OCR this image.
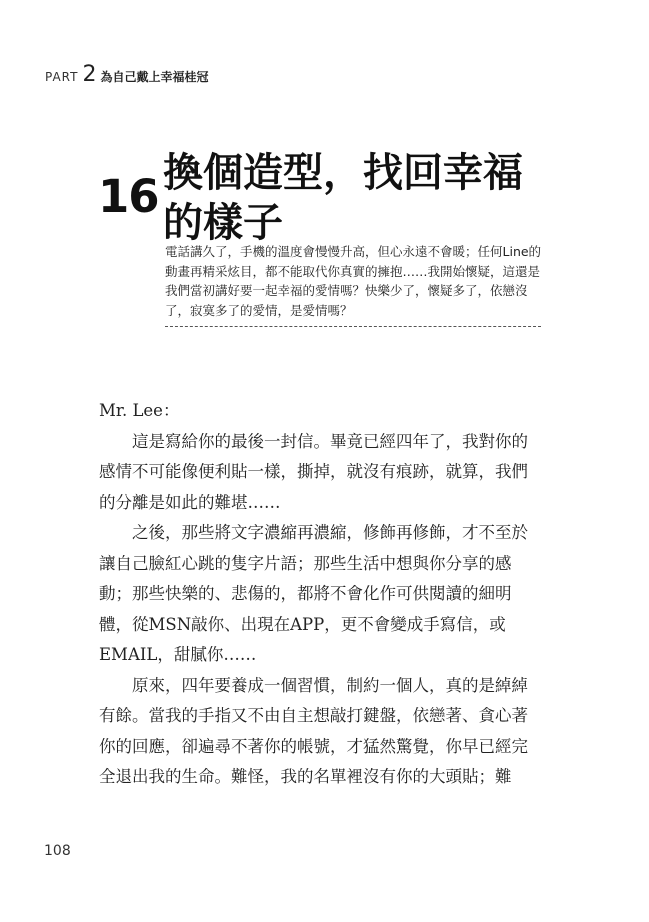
PART 2 為自己戴上幸福桂冠
16 換個造型，找回幸福
的樣子
電話講久了，手機的溫度會慢慢升高，但心永遠不會暖；任何Line的
動畫再精采炫目，都不能取代你真實的擁抱……我開始懷疑，這還是
我們當初講好要一起幸福的愛情嗎？快樂少了，懷疑多了，依戀沒
了，寂寞多了的愛情，是愛情嗎？
Mr. Lee：
　　這是寫給你的最後一封信。畢竟已經四年了，我對你的
感情不可能像便利貼一樣，撕掉，就沒有痕跡，就算，我們
的分離是如此的難堪……
　　之後，那些將文字濃縮再濃縮，修飾再修飾，才不至於
讓自己臉紅心跳的隻字片語；那些生活中想與你分享的感
動；那些快樂的、悲傷的，都將不會化作可供閱讀的細明
體，從MSN敲你、出現在APP，更不會變成手寫信，或
EMAIL，甜膩你……
　　原來，四年要養成一個習慣，制約一個人，真的是綽綽
有餘。當我的手指又不由自主想敲打鍵盤，依戀著、貪心著
你的回應，卻遍尋不著你的帳號，才猛然驚覺，你早已經完
全退出我的生命。難怪，我的名單裡沒有你的大頭貼；難
108
